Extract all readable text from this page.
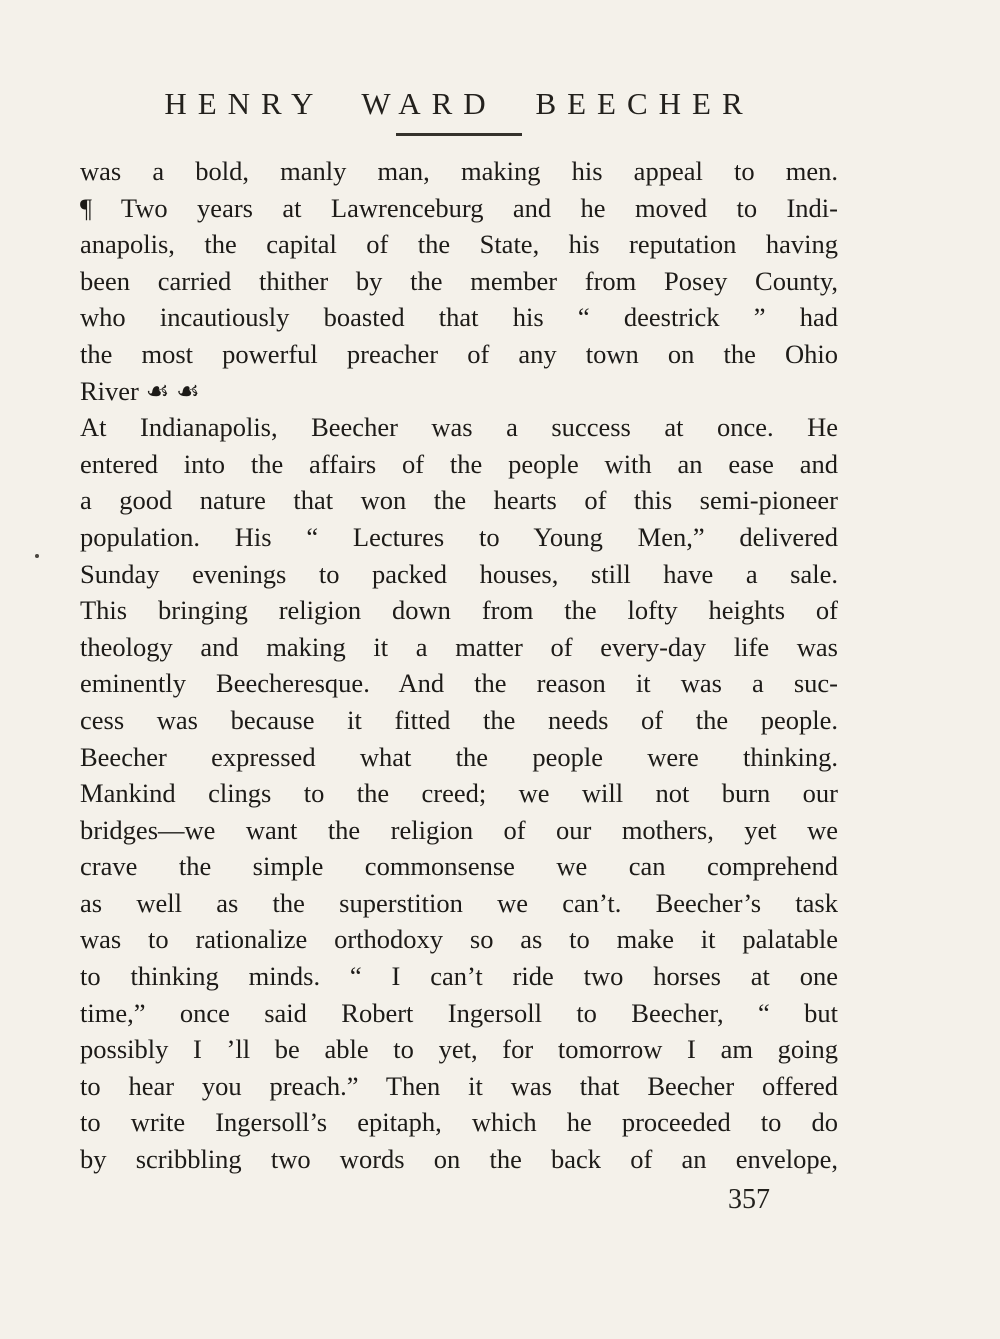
HENRY WARD BEECHER
was a bold, manly man, making his appeal to men.
¶ Two years at Lawrenceburg and he moved to Indi-
anapolis, the capital of the State, his reputation having
been carried thither by the member from Posey County,
who incautiously boasted that his “ deestrick ” had
the most powerful preacher of any town on the Ohio
River ☙ ☙
At Indianapolis, Beecher was a success at once. He
entered into the affairs of the people with an ease and
a good nature that won the hearts of this semi-pioneer
population. His “ Lectures to Young Men,” delivered
Sunday evenings to packed houses, still have a sale.
This bringing religion down from the lofty heights of
theology and making it a matter of every-day life was
eminently Beecheresque. And the reason it was a suc-
cess was because it fitted the needs of the people.
Beecher expressed what the people were thinking.
Mankind clings to the creed; we will not burn our
bridges—we want the religion of our mothers, yet we
crave the simple commonsense we can comprehend
as well as the superstition we can’t. Beecher’s task
was to rationalize orthodoxy so as to make it palatable
to thinking minds. “ I can’t ride two horses at one
time,” once said Robert Ingersoll to Beecher, “ but
possibly I ’ll be able to yet, for tomorrow I am going
to hear you preach.” Then it was that Beecher offered
to write Ingersoll’s epitaph, which he proceeded to do
by scribbling two words on the back of an envelope,
357
